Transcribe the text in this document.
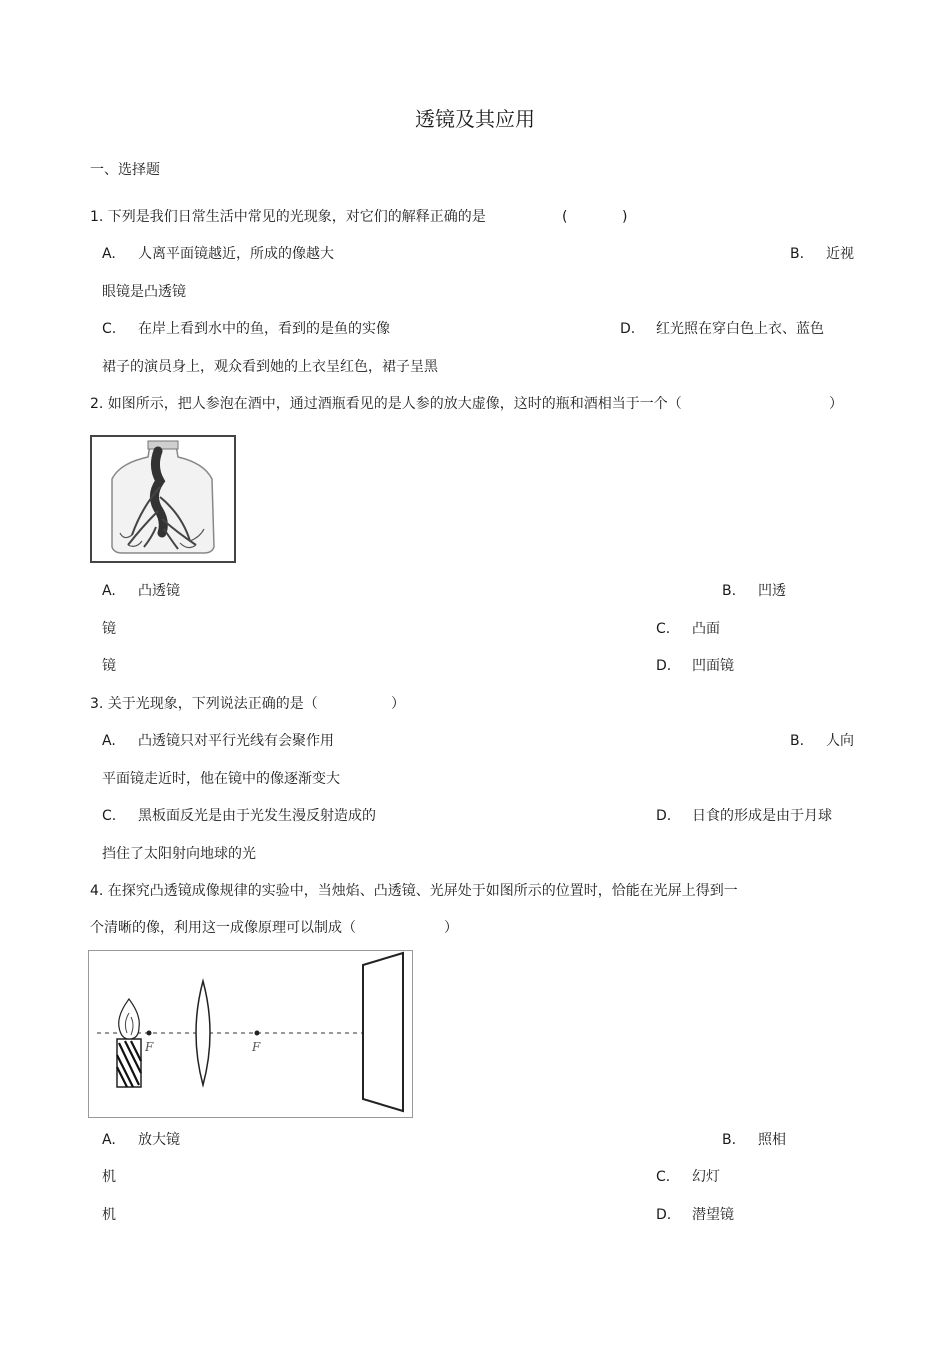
透镜及其应用
一、选择题
1. 下列是我们日常生活中常见的光现象，对它们的解释正确的是	(	)
A. 人离平面镜越近，所成的像越大	B. 近视
眼镜是凸透镜
C. 在岸上看到水中的鱼，看到的是鱼的实像	D. 红光照在穿白色上衣、蓝色
裙子的演员身上，观众看到她的上衣呈红色，裙子呈黑
2. 如图所示，把人参泡在酒中，通过酒瓶看见的是人参的放大虚像，这时的瓶和酒相当于一个（	）
A. 凸透镜	B. 凹透
镜	C. 凸面
镜	D. 凹面镜
3. 关于光现象，下列说法正确的是（	）
A. 凸透镜只对平行光线有会聚作用	B. 人向
平面镜走近时，他在镜中的像逐渐变大
C. 黑板面反光是由于光发生漫反射造成的	D. 日食的形成是由于月球
挡住了太阳射向地球的光
4. 在探究凸透镜成像规律的实验中，当烛焰、凸透镜、光屏处于如图所示的位置时，恰能在光屏上得到一
个清晰的像，利用这一成像原理可以制成（	）
F	F
A. 放大镜	B. 照相
机	C. 幻灯
机	D. 潜望镜
